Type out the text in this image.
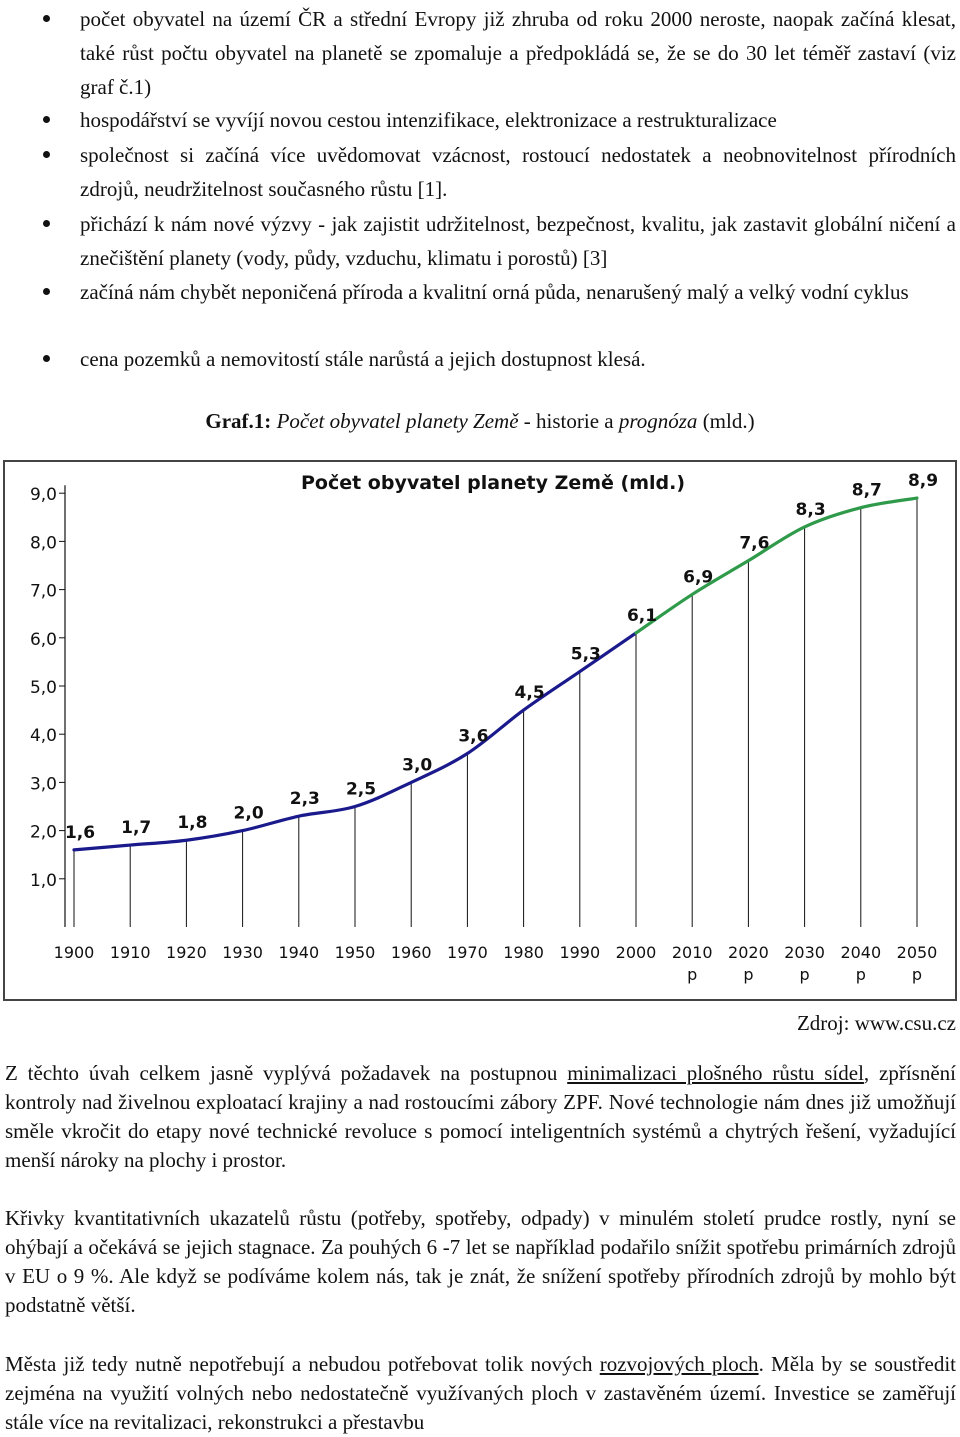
počet obyvatel na území ČR a střední Evropy již zhruba od roku 2000 neroste, naopak začíná klesat, také růst počtu obyvatel na planetě se zpomaluje a předpokládá se, že se do 30 let téměř zastaví (viz graf č.1)
hospodářství se vyvíjí novou cestou intenzifikace, elektronizace a restrukturalizace
společnost si začíná více uvědomovat vzácnost, rostoucí nedostatek a neobnovitelnost přírodních zdrojů, neudržitelnost současného růstu [1].
přichází k nám nové výzvy - jak zajistit udržitelnost, bezpečnost, kvalitu, jak zastavit globální ničení a znečištění planety (vody, půdy, vzduchu, klimatu i porostů) [3]
začíná nám chybět neponičená příroda a kvalitní orná půda, nenarušený malý a velký vodní cyklus
cena pozemků a nemovitostí stále narůstá a jejich dostupnost klesá.
Graf.1: Počet obyvatel planety Země - historie a prognóza (mld.)
Počet obyvatel planety Země (mld.)
1,0
2,0
3,0
4,0
5,0
6,0
7,0
8,0
9,0
1900 1910 1920 1930 1940 1950 1960 1970 1980 1990 2000 2010
p
2020
p
2030
p
2040
p
2050
p
1,6 1,7 1,8 2,0
2,3 2,5
3,0
3,6
4,5
5,3
6,1
6,9
7,6
8,3
8,7 8,9
Zdroj: www.csu.cz
Z těchto úvah celkem jasně vyplývá požadavek na postupnou minimalizaci plošného růstu sídel, zpřísnění kontroly nad živelnou exploatací krajiny a nad rostoucími zábory ZPF. Nové technologie nám dnes již umožňují směle vkročit do etapy nové technické revoluce s pomocí inteligentních systémů a chytrých řešení, vyžadující menší nároky na plochy i prostor.
Křivky kvantitativních ukazatelů růstu (potřeby, spotřeby, odpady) v minulém století prudce rostly, nyní se ohýbají a očekává se jejich stagnace. Za pouhých 6 -7 let se například podařilo snížit spotřebu primárních zdrojů v EU o 9 %. Ale když se podíváme kolem nás, tak je znát, že snížení spotřeby přírodních zdrojů by mohlo být podstatně větší.
Města již tedy nutně nepotřebují a nebudou potřebovat tolik nových rozvojových ploch. Měla by se soustředit zejména na využití volných nebo nedostatečně využívaných ploch v zastavěném území. Investice se zaměřují stále více na revitalizaci, rekonstrukci a přestavbu
